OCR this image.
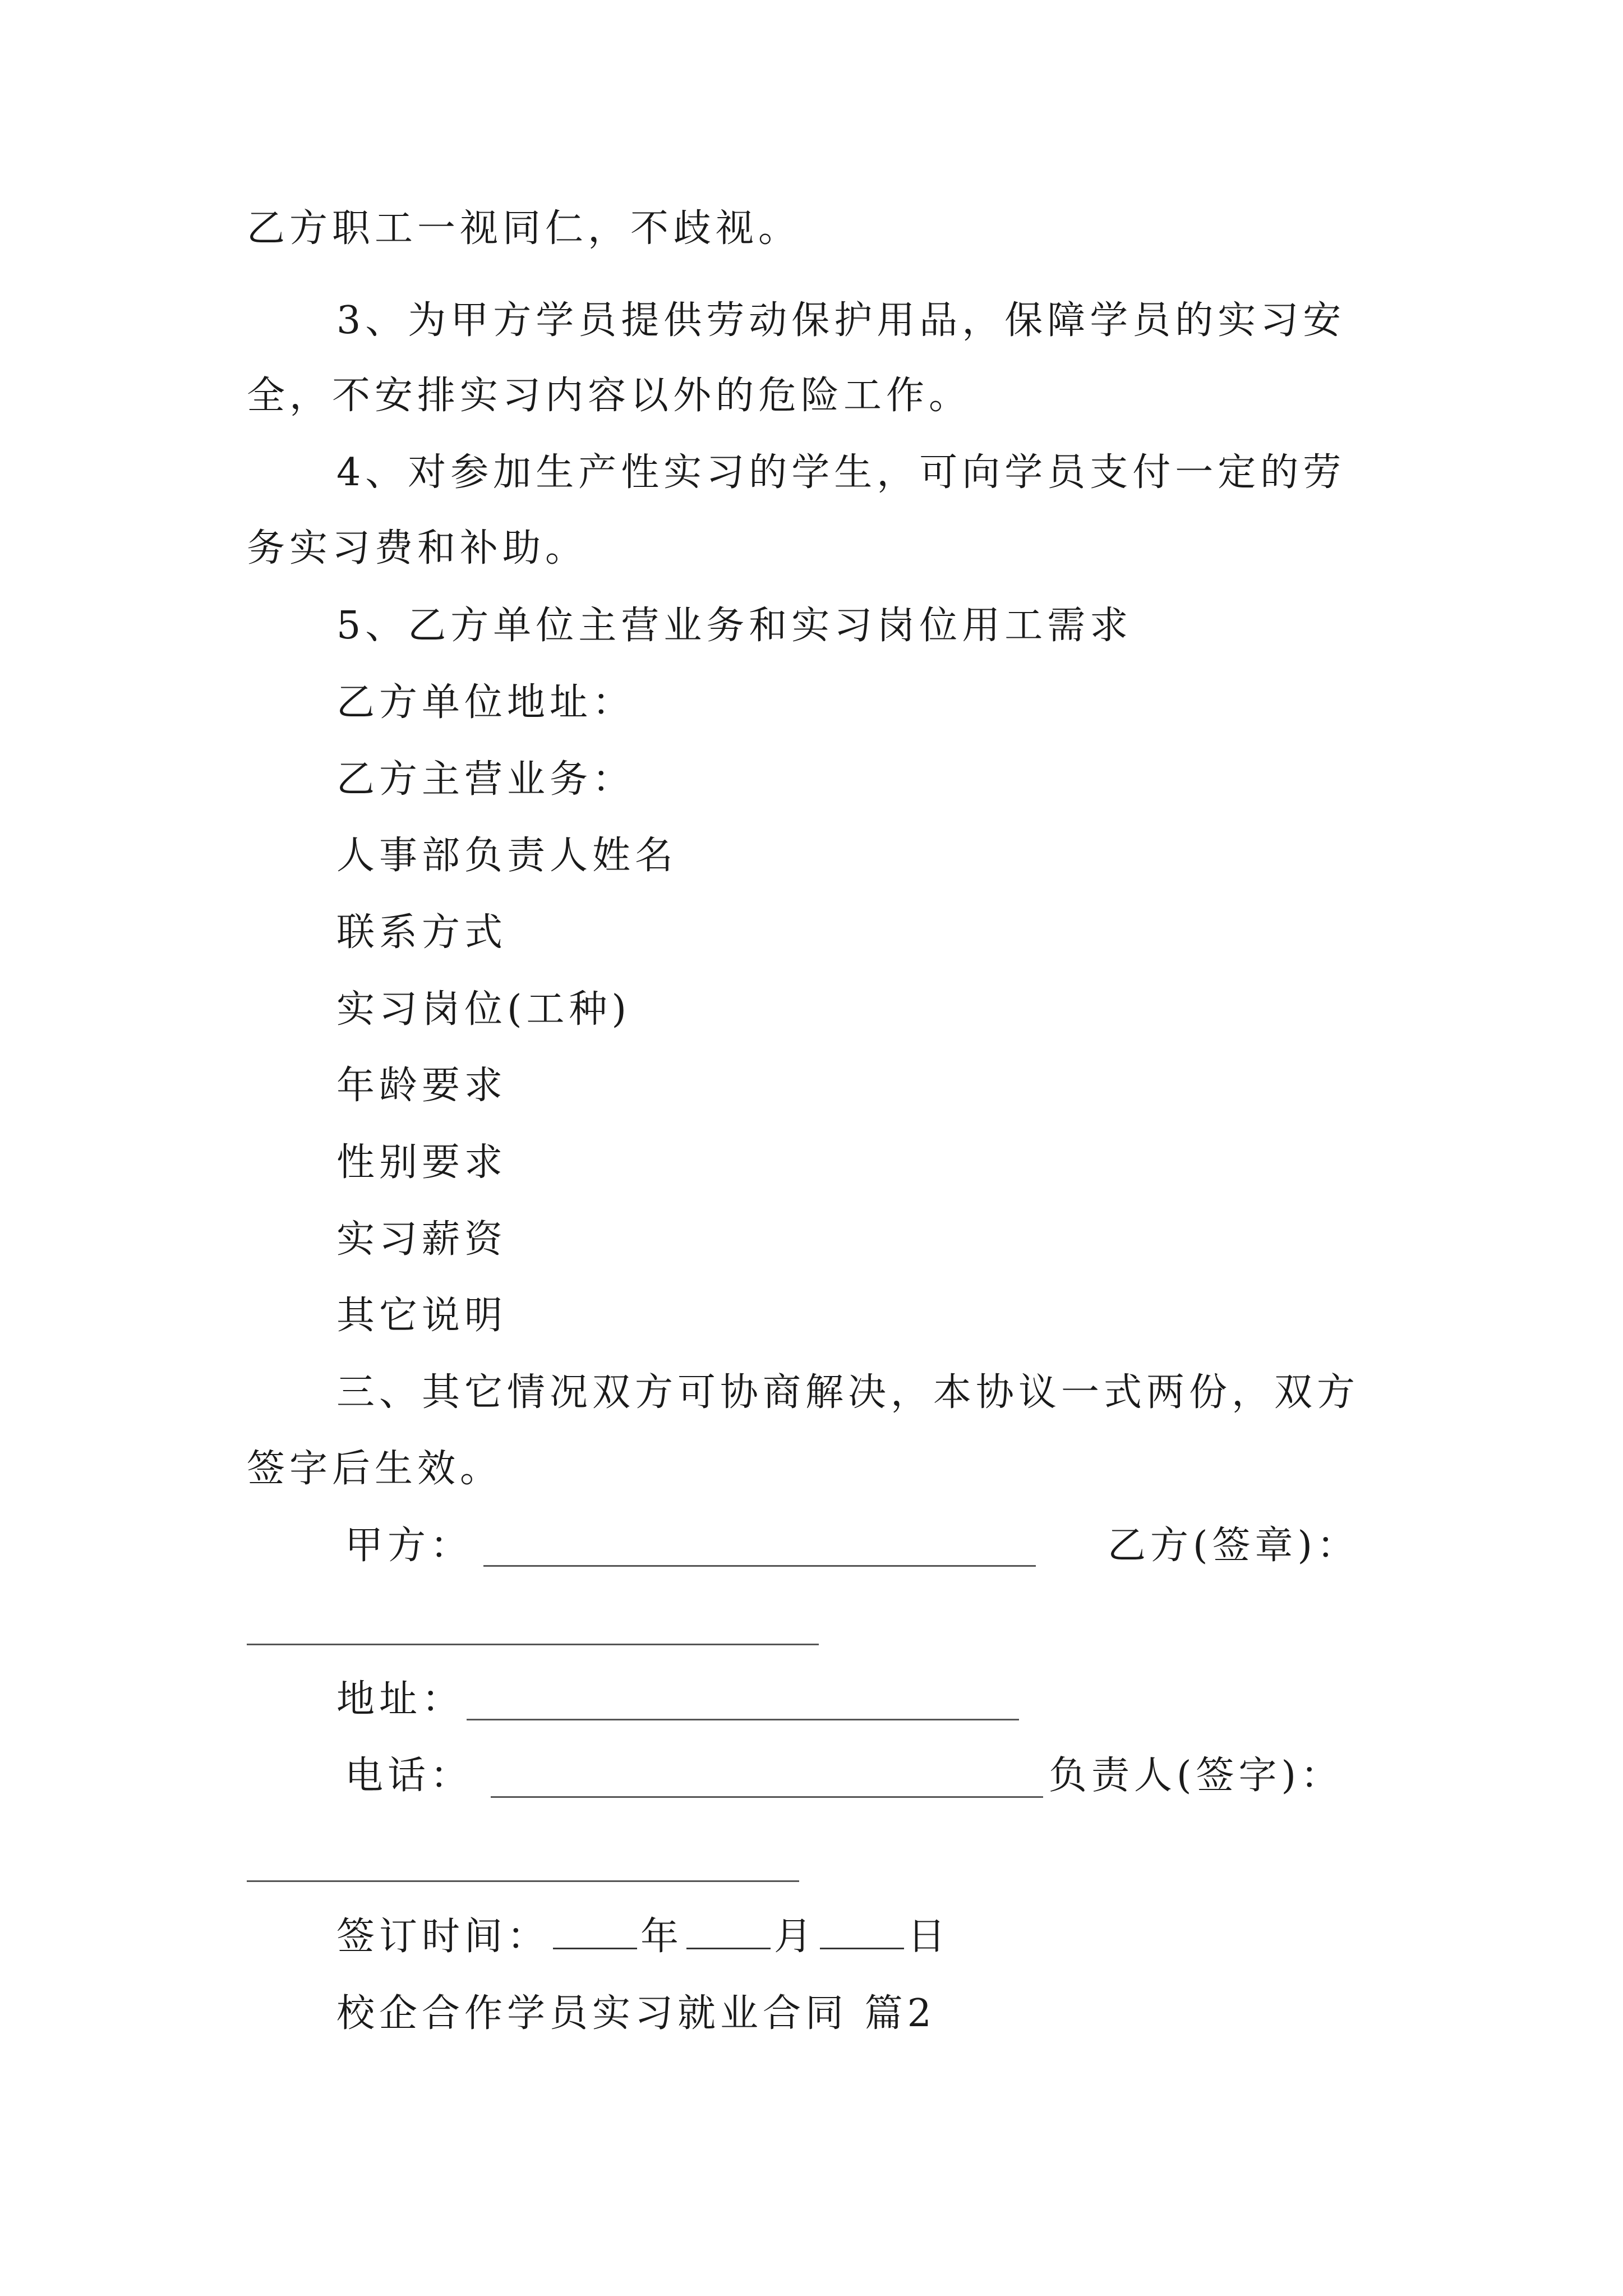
乙方职工一视同仁，不歧视。
3、为甲方学员提供劳动保护用品，保障学员的实习安
全，不安排实习内容以外的危险工作。
4、对参加生产性实习的学生，可向学员支付一定的劳
务实习费和补助。
5、乙方单位主营业务和实习岗位用工需求
乙方单位地址：
乙方主营业务：
人事部负责人姓名
联系方式
实习岗位(工种)
年龄要求
性别要求
实习薪资
其它说明
三、其它情况双方可协商解决，本协议一式两份，双方
签字后生效。
甲方：	乙方(签章)：
地址：
电话：	负责人(签字)：
签订时间： 年 月 日
校企合作学员实习就业合同 篇2
